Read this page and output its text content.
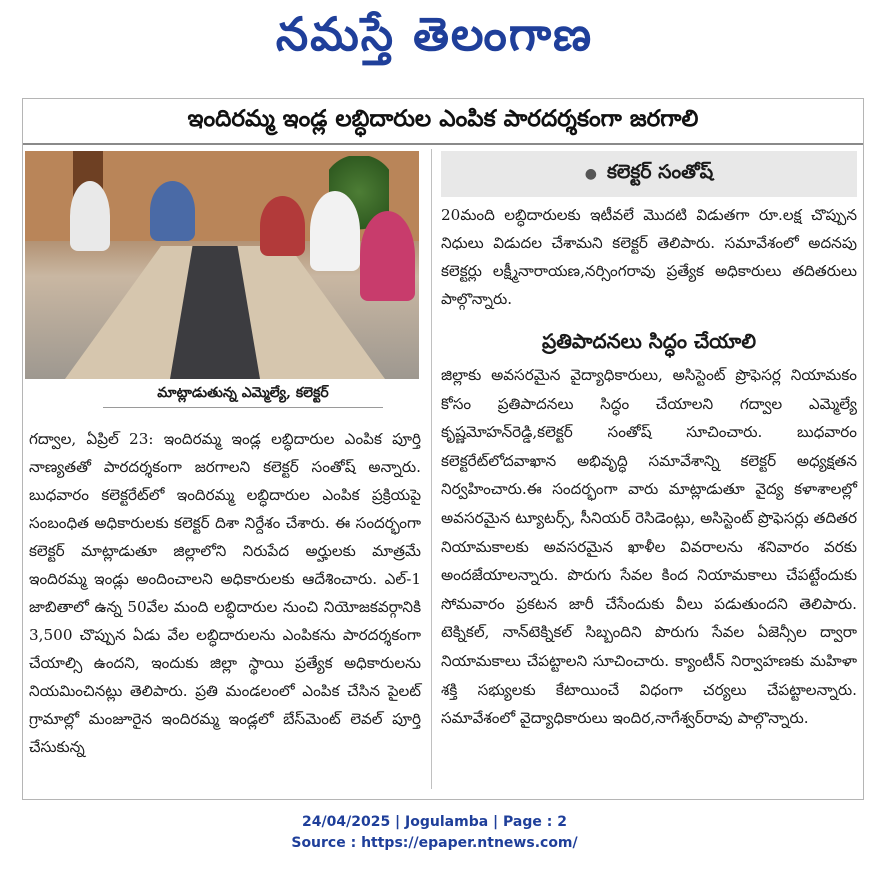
నమస్తే తెలంగాణ
ఇందిరమ్మ ఇండ్ల లబ్ధిదారుల ఎంపిక పారదర్శకంగా జరగాలి
మాట్లాడుతున్న ఎమ్మెల్యే, కలెక్టర్

గద్వాల, ఏప్రిల్ 23: ఇందిరమ్మ ఇండ్ల లబ్ధిదారుల ఎంపిక పూర్తి నాణ్యతతో పారదర్శకంగా జరగాలని కలెక్టర్ సంతోష్ అన్నారు. బుధవారం కలెక్టరేట్‌లో ఇందిరమ్మ లబ్ధిదారుల ఎంపిక ప్రక్రియపై సంబంధిత అధికారులకు కలెక్టర్ దిశా నిర్దేశం చేశారు. ఈ సందర్భంగా కలెక్టర్ మాట్లాడుతూ జిల్లాలోని నిరుపేద అర్హులకు మాత్రమే ఇందిరమ్మ ఇండ్లు అందించాలని అధికారులకు ఆదేశించారు. ఎల్-1 జాబితాలో ఉన్న 50వేల మంది లబ్ధిదారుల నుంచి నియోజకవర్గానికి 3,500 చొప్పున ఏడు వేల లబ్ధిదారులను ఎంపికను పారదర్శకంగా చేయాల్సి ఉందని, ఇందుకు జిల్లా స్థాయి ప్రత్యేక అధికారులను నియమించినట్లు తెలిపారు. ప్రతి మండలంలో ఎంపిక చేసిన పైలట్ గ్రామాల్లో మంజూరైన ఇందిరమ్మ ఇండ్లలో బేస్‌మెంట్ లెవల్ పూర్తి చేసుకున్న

● కలెక్టర్ సంతోష్

20మంది లబ్ధిదారులకు ఇటీవలే మొదటి విడుతగా రూ.లక్ష చొప్పున నిధులు విడుదల చేశామని కలెక్టర్ తెలిపారు. సమావేశంలో అదనపు కలెక్టర్లు లక్ష్మీనారాయణ,నర్సింగరావు ప్రత్యేక అధికారులు తదితరులు పాల్గొన్నారు.

ప్రతిపాదనలు సిద్ధం చేయాలి

జిల్లాకు అవసరమైన వైద్యాధికారులు, అసిస్టెంట్ ప్రొఫెసర్ల నియామకం కోసం ప్రతిపాదనలు సిద్ధం చేయాలని గద్వాల ఎమ్మెల్యే కృష్ణమోహన్‌రెడ్డి,కలెక్టర్ సంతోష్ సూచించారు. బుధవారం కలెక్టరేట్‌లోదవాఖాన అభివృద్ధి సమావేశాన్ని కలెక్టర్ అధ్యక్షతన నిర్వహించారు.ఈ సందర్భంగా వారు మాట్లాడుతూ వైద్య కళాశాలల్లో అవసరమైన ట్యూటర్స్, సీనియర్ రెసిడెంట్లు, అసిస్టెంట్ ప్రొఫెసర్లు తదితర నియామకాలకు అవసరమైన ఖాళీల వివరాలను శనివారం వరకు అందజేయాలన్నారు. పొరుగు సేవల కింద నియామకాలు చేపట్టేందుకు సోమవారం ప్రకటన జారీ చేసేందుకు వీలు పడుతుందని తెలిపారు. టెక్నికల్, నాన్‌టెక్నికల్ సిబ్బందిని పొరుగు సేవల ఏజెన్సీల ద్వారా నియామకాలు చేపట్టాలని సూచించారు. క్యాంటీన్ నిర్వాహణకు మహిళా శక్తి సభ్యులకు కేటాయించే విధంగా చర్యలు చేపట్టాలన్నారు. సమావేశంలో వైద్యాధికారులు ఇందిర,నాగేశ్వర్‌రావు పాల్గొన్నారు.

24/04/2025 | Jogulamba | Page : 2
Source : https://epaper.ntnews.com/
